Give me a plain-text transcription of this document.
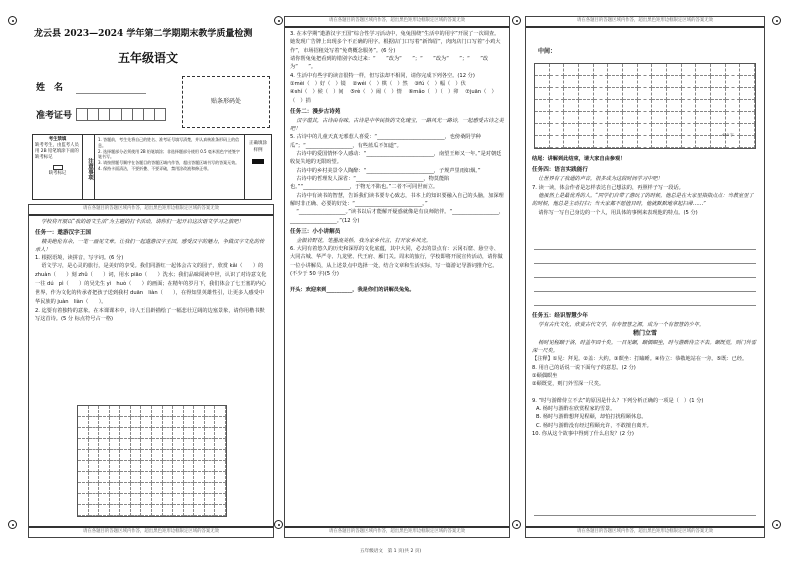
龙云县 2023—2024 学年第二学期期末教学质量检测
五年级语文
姓　名
准考证号
贴条形码处
考生禁填
缺考考生，由监考人员用 2B 铅笔填涂下面的缺考标记
缺考标记	注意事项
1. 答题前，考生先将自己的姓名、准考证号填写清楚，并认真核准条形码上的信息。
2. 选择题部分必须使用 2B 铅笔填涂；非选择题部分使用 0.5 毫米黑色字迹签字笔书写。
3. 请按照题号顺序在各题目的答题区域内作答，超出答题区域书写的答案无效。
4. 保持卡面清洁，不要折叠、不要弄破，禁用涂改液和修正带。
正确填涂
样例
请在各题目的答题区域内作答，超出黑色矩形边框限定区域的答案无效
学校将开展以“我的语文生活”为主题的打卡活动，请你们一起开启这次语文学习之旅吧！
任务一：遨游汉字王国
精美绝伦有余，一笔一画见文章。让我们一起遨游汉字王国，感受汉字的魅力，争做汉字文化的传承人！
1. 根据语境，读拼音，写字词。(6 分)
语文学习，是心灵的旅行，是美好的享受。我们同游红一起体会古文的园子，欣赏 kǎi（　　）的 zhuàn（　　）刻 zhǔ（　　）词，用水 piāo（　　）洗水；我们品味阅读中世，认识了对诗意文化一往 dú　pì（　　）的吴先生 yì　huò（　　）的画面；在精年的岁月下，我们体会了七王塞的内心世界，作为文化的传承者把孩子送到我村 duān　liàn（　　），在得知里英雄性引，让更多人感受中华民族的 juàn　liàn（　　）。
2. 迄要有着独特的意象。在本课课本中，诗人王昌龄描绘了一幅悲壮辽阔的边塞景象，请你用楷书默写这首诗。(5 分 标点符号占一格)
请在各题目的答题区域内作答，超出黑色矩形边框限定区域的答案无效
请在各题目的答题区域内作答，超出黑色矩形边框限定区域的答案无效
3. 在本学期“遨游汉字王国”综合性学习活动中，兔兔围绕“生活中的用字”开展了一次调查。她发现广告牌上出现多个不正确的用字。根据店门口写着“新饰眉”，肉肉店门口写着“小鸡大作”，市场招租处写着“免费概念服务”。(6 分)
请你帮兔兔把看到的错别字改过来：“　　”改为“　　”；“　　”改为“　　”；“　　”改为“　　”。
4. 生活中有些字的读音很特一样，但写法却不相同，请你完成下列各空。(12 分)
①mèi（　）好（　）镜 　②wéi（　）棋（　）然 　③fú（　）幅（　）伏
④shí（　）候（　）间 　⑤rè（　）闹（　）情 　⑥mǎo（　）（　）卯 　⑦juān（　）（　）捐
任务二：漫步古诗苑
汉字蕴其，古诗由有味。古诗是中华民族的文化瑰宝，一路风光一路诗，一起感受古诗之美吧！
5. 古诗中的儿童天真无邪惹人喜爱：“__________________________，也傍桑阴学种瓜”；“__________________，有些蓝瓜不知道”。
古诗中的爱国情怀令人感动：“__________________________，南望王师又一年。”是对朝廷收复失地的无限盼望。
古诗中的乡村美景令人陶醉：“__________________________，子规声里雨如烟。”
古诗中的哲理发人深省：“__________________________，物莫能陷也。”“__________________，于物无不陷也。”二者不可同世而立。
古诗中有读书的智慧，告诉我们读书要专心致志，书本上的知识要融入自己的头脑，加深理解时非正确、必要的好处：“__________________________。”
“__________________。”读书以后才能解开疑惑就像是有良师陪伴。“__________________，__________________。”(12 分)
任务三：小小讲解员
金银岩野花，笔墨流美桥。我为家乡代言，打开家乡风光。
6. 大同有着悠久的历史和深厚的文化底蕴，其中大同，必去的景点有：云冈石窟、悬空寺、大同古城、华严寺、九龙壁、代王府、雁门关。周末的旅行，学校即将开展宣传活动，请你做一位小讲解员，从上述景点中选择一处，结合文章和生活实际，写一篇游记导游词推介它。(不少于 50 字)(5 分)
开头：欢迎来到__________，我是你们的讲解员兔兔。
请在各题目的答题区域内作答，超出黑色矩形边框限定区域的答案无效
请在各题目的答题区域内作答，超出黑色矩形边框限定区域的答案无效
中间：
450 字
结尾：讲解到此结束，请大家自由参观！
任务四：语言实践能行
让世界有了我通的声音，很多成为这段时间学习中吧！
7. 读一读，体会作者是怎样表达自己想法的，再照样子写一段话。
他虽然上是最优秀的人。“同学们自带了游玩了的时候，他总是在大家里指指点点：当教室里了的时候，他总是主动打扫；当大家都不愿值日时，他就默默地拿起扫帚……”
请你写一写自己身边的一个人，用具体的事例来表现他的特点。(5 分)
任务五：经识智慧少年
学有古代文化，欣赏古代文学，有寿智慧之源，成为一个有智慧的少年。
稍门立雪
杨时见程颐于洛，时盖年四十矣。一日见颐，颐偶瞑坐，时与游酢侍立不去。颐既觉，则门外雪深一尺矣。
【注释】①见：拜见。②盖：大约。③瞑坐：打瞌睡。④侍立：恭敬地站在一旁。⑤既：已经。
8. 用自己的话说一说下面句子的意思。(2 分)
①颐偶瞑坐
②颐既觉，则门外雪深一尺矣。
9. “时与游酢侍立不去”的原因是什么？下列分析正确的一项是（　）(1 分)
A. 杨时与游酢在欣赏程家的雪景。
B. 杨时与游酢想拜见程颐，却怕打扰程颐休息。
C. 杨时与游酢没有经过程颐允许，不敢擅自离开。
10. 你从这个故事中得到了什么启发？(2 分)
请在各题目的答题区域内作答，超出黑色矩形边框限定区域的答案无效
五年级语文　第 1 页(共 2 页)
